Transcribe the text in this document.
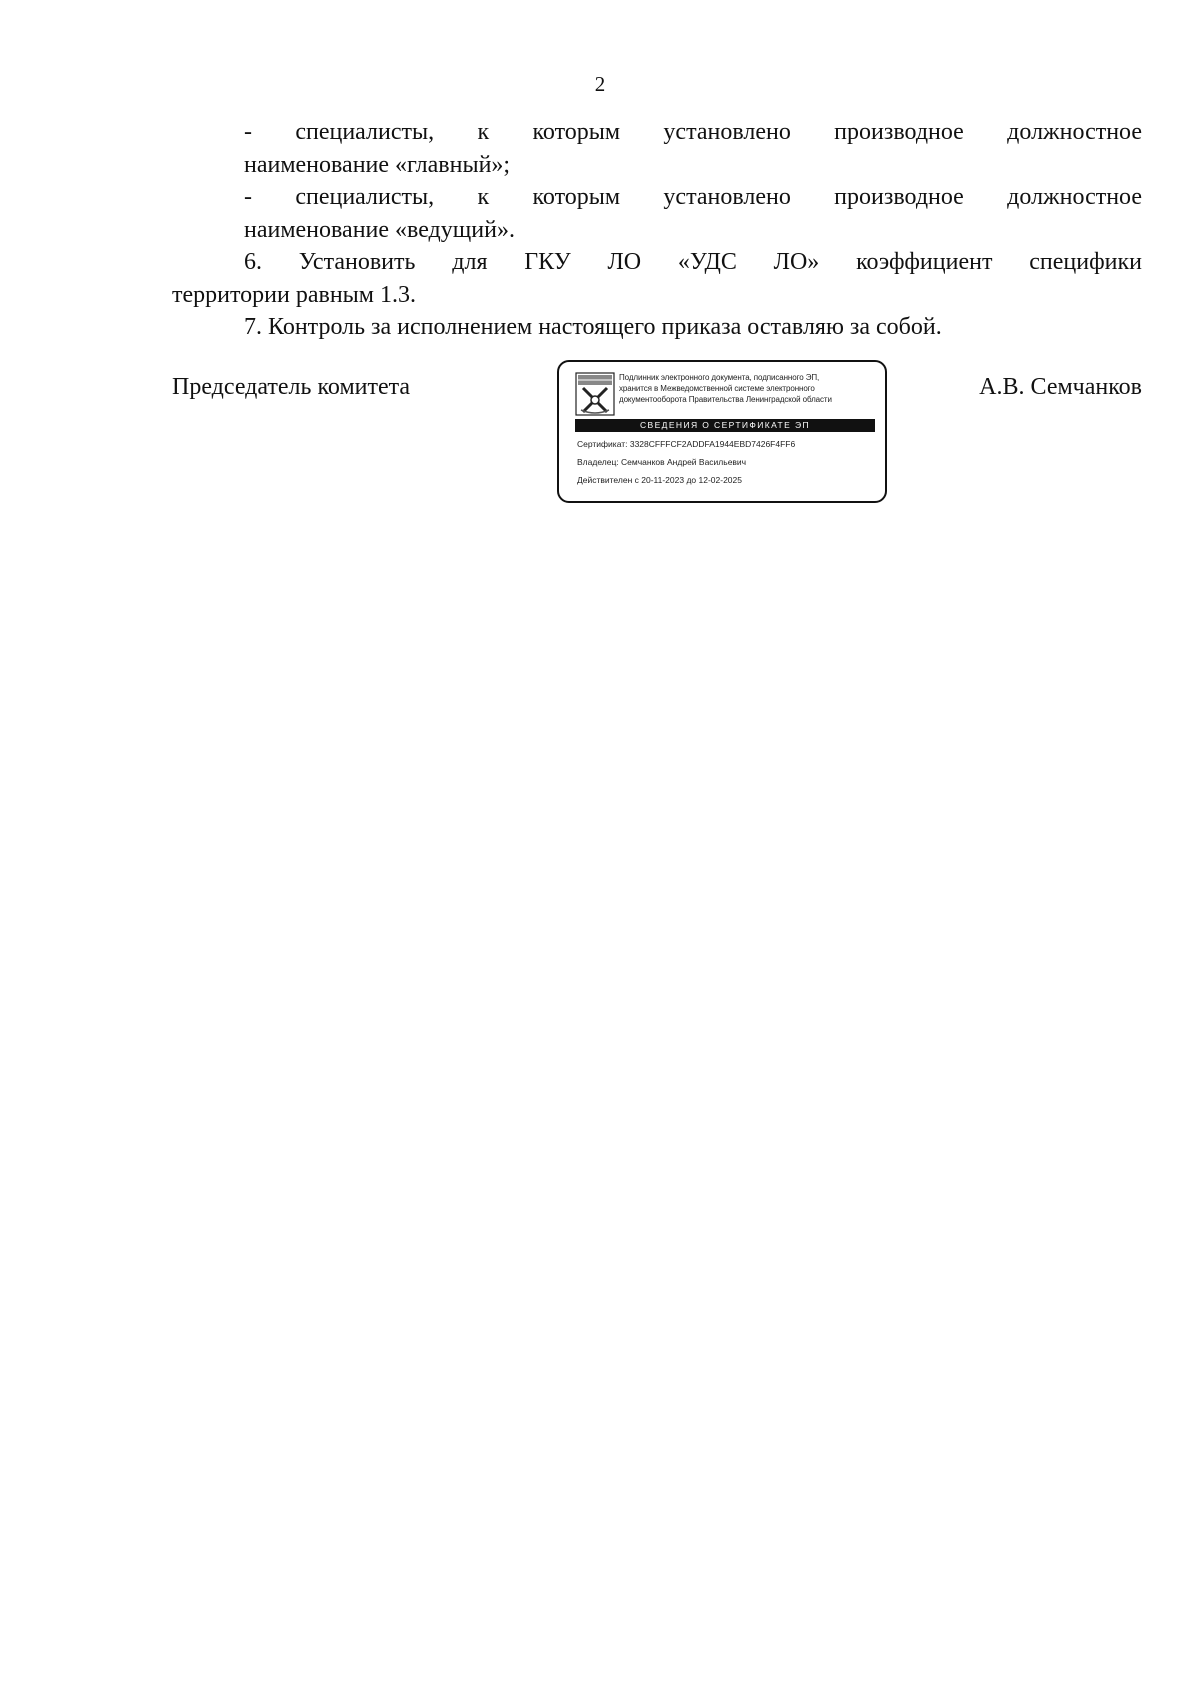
2
- специалисты, к которым установлено производное должностное
наименование «главный»;
- специалисты, к которым установлено производное должностное
наименование «ведущий».
6. Установить для ГКУ ЛО «УДС ЛО» коэффициент специфики
территории равным 1.3.
7. Контроль за исполнением настоящего приказа оставляю за собой.
Председатель комитета	Подлинник электронного документа, подписанного ЭП,
хранится в Межведомственной системе электронного
документооборота Правительства Ленинградской области
СВЕДЕНИЯ О СЕРТИФИКАТЕ ЭП
Сертификат: 3328CFFFCF2ADDFA1944EBD7426F4FF6
Владелец: Семчанков Андрей Васильевич
Действителен с 20-11-2023 до 12-02-2025
А.В. Семчанков
